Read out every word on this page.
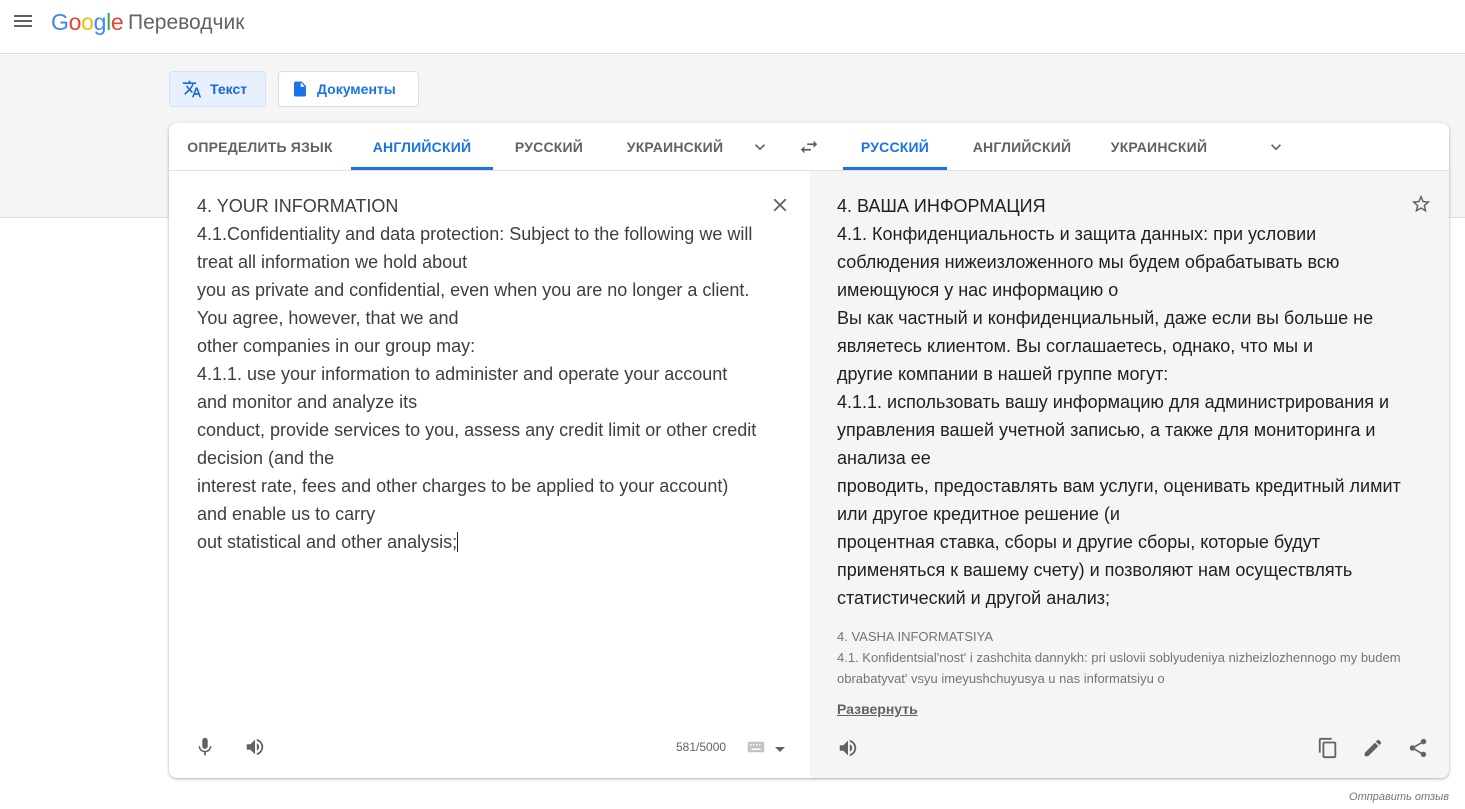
Google Переводчик
Текст	Документы
ОПРЕДЕЛИТЬ ЯЗЫК	АНГЛИЙСКИЙ	РУССКИЙ	УКРАИНСКИЙ	РУССКИЙ	АНГЛИЙСКИЙ	УКРАИНСКИЙ
4. YOUR INFORMATION
4.1.Confidentiality and data protection: Subject to the following we will treat all information we hold about
you as private and confidential, even when you are no longer a client. You agree, however, that we and
other companies in our group may:
4.1.1. use your information to administer and operate your account and monitor and analyze its
conduct, provide services to you, assess any credit limit or other credit decision (and the
interest rate, fees and other charges to be applied to your account) and enable us to carry
out statistical and other analysis;
581/5000
4. ВАША ИНФОРМАЦИЯ
4.1. Конфиденциальность и защита данных: при условии соблюдения нижеизложенного мы будем обрабатывать всю имеющуюся у нас информацию о
Вы как частный и конфиденциальный, даже если вы больше не являетесь клиентом. Вы соглашаетесь, однако, что мы и
другие компании в нашей группе могут:
4.1.1. использовать вашу информацию для администрирования и управления вашей учетной записью, а также для мониторинга и анализа ее
проводить, предоставлять вам услуги, оценивать кредитный лимит или другое кредитное решение (и
процентная ставка, сборы и другие сборы, которые будут применяться к вашему счету) и позволяют нам осуществлять статистический и другой анализ;
4. VASHA INFORMATSIYA
4.1. Konfidentsial'nost' i zashchita dannykh: pri uslovii soblyudeniya nizheizlozhennogo my budem obrabatyvat' vsyu imeyushchuyusya u nas informatsiyu o
Развернуть
Отправить отзыв
